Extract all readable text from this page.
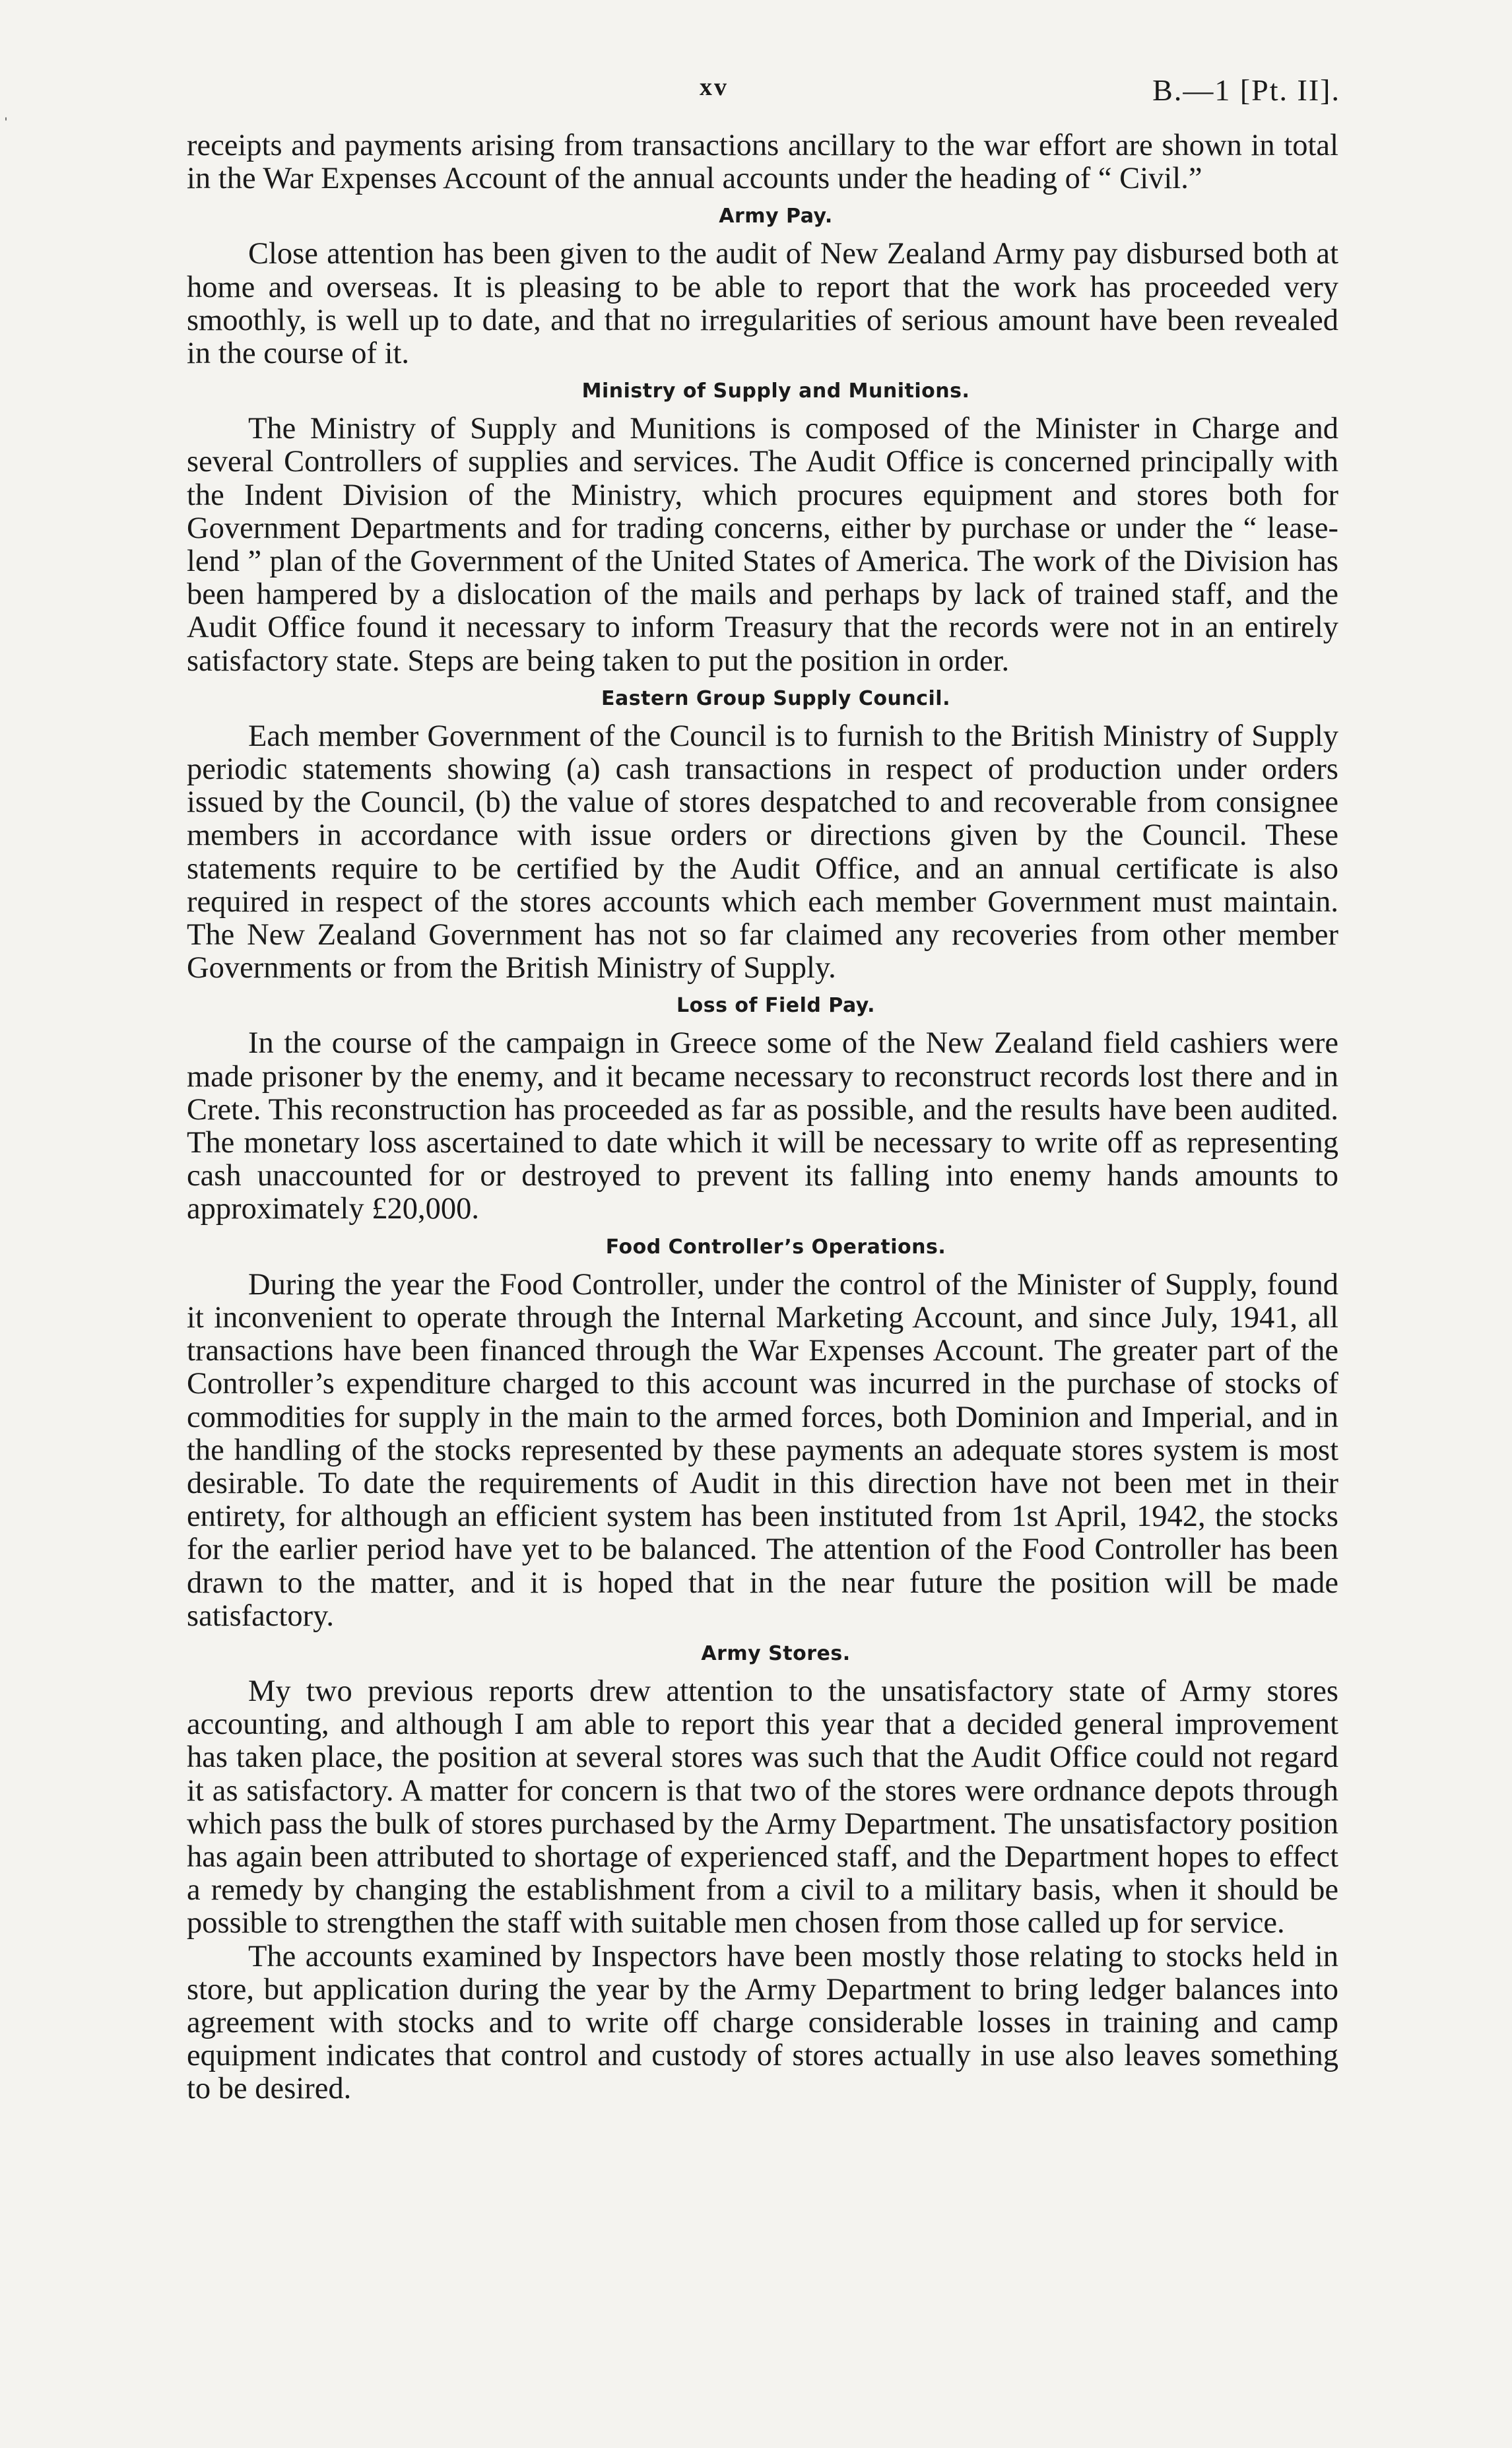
xv	B.—1 [Pt. II].
ˌ

receipts and payments arising from transactions ancillary to the war effort are shown in total in the War Expenses Account of the annual accounts under the heading of “ Civil.”

Army Pay.

Close attention has been given to the audit of New Zealand Army pay disbursed both at home and overseas. It is pleasing to be able to report that the work has proceeded very smoothly, is well up to date, and that no irregularities of serious amount have been revealed in the course of it.

Ministry of Supply and Munitions.

The Ministry of Supply and Munitions is composed of the Minister in Charge and several Controllers of supplies and services. The Audit Office is concerned principally with the Indent Division of the Ministry, which procures equipment and stores both for Government Departments and for trading concerns, either by purchase or under the “ lease-lend ” plan of the Government of the United States of America. The work of the Division has been hampered by a dislocation of the mails and perhaps by lack of trained staff, and the Audit Office found it necessary to inform Treasury that the records were not in an entirely satisfactory state. Steps are being taken to put the position in order.

Eastern Group Supply Council.

Each member Government of the Council is to furnish to the British Ministry of Supply periodic statements showing (a) cash transactions in respect of production under orders issued by the Council, (b) the value of stores despatched to and recoverable from consignee members in accordance with issue orders or directions given by the Council. These statements require to be certified by the Audit Office, and an annual certificate is also required in respect of the stores accounts which each member Government must maintain. The New Zealand Government has not so far claimed any recoveries from other member Governments or from the British Ministry of Supply.

Loss of Field Pay.

In the course of the campaign in Greece some of the New Zealand field cashiers were made prisoner by the enemy, and it became necessary to reconstruct records lost there and in Crete. This reconstruction has proceeded as far as possible, and the results have been audited. The monetary loss ascertained to date which it will be necessary to write off as representing cash unaccounted for or destroyed to prevent its falling into enemy hands amounts to approximately £20,000.

Food Controller’s Operations.

During the year the Food Controller, under the control of the Minister of Supply, found it inconvenient to operate through the Internal Marketing Account, and since July, 1941, all transactions have been financed through the War Expenses Account. The greater part of the Controller’s expenditure charged to this account was incurred in the purchase of stocks of commodities for supply in the main to the armed forces, both Dominion and Imperial, and in the handling of the stocks represented by these payments an adequate stores system is most desirable. To date the requirements of Audit in this direction have not been met in their entirety, for although an efficient system has been instituted from 1st April, 1942, the stocks for the earlier period have yet to be balanced. The attention of the Food Controller has been drawn to the matter, and it is hoped that in the near future the position will be made satisfactory.

Army Stores.

My two previous reports drew attention to the unsatisfactory state of Army stores accounting, and although I am able to report this year that a decided general improvement has taken place, the position at several stores was such that the Audit Office could not regard it as satisfactory. A matter for concern is that two of the stores were ordnance depots through which pass the bulk of stores purchased by the Army Department. The unsatisfactory position has again been attributed to shortage of experienced staff, and the Department hopes to effect a remedy by changing the establishment from a civil to a military basis, when it should be possible to strengthen the staff with suitable men chosen from those called up for service.

The accounts examined by Inspectors have been mostly those relating to stocks held in store, but application during the year by the Army Department to bring ledger balances into agreement with stocks and to write off charge considerable losses in training and camp equipment indicates that control and custody of stores actually in use also leaves something to be desired.
